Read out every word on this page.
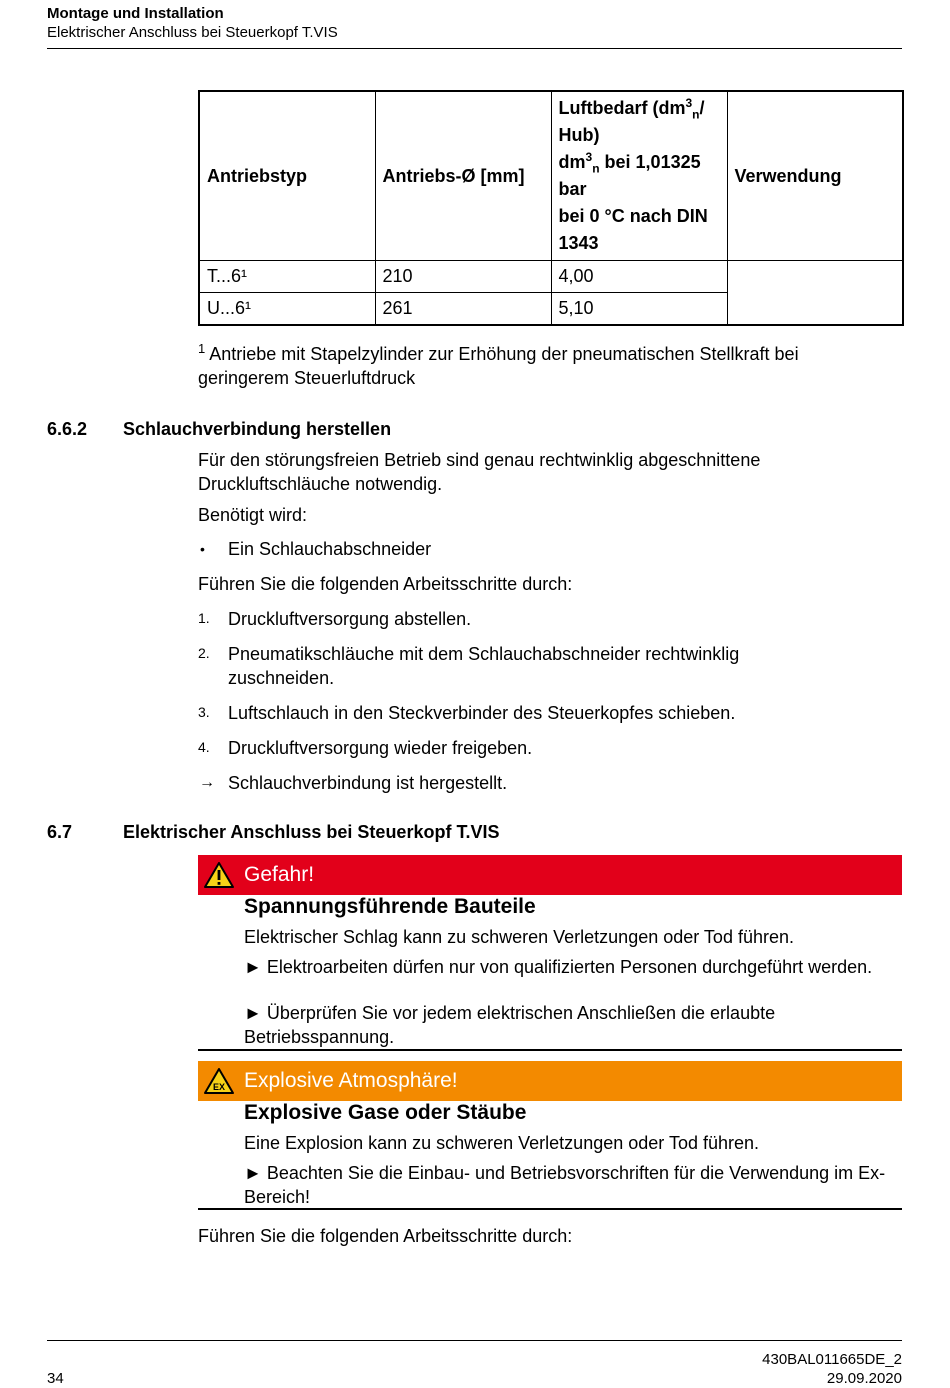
Montage und Installation
Elektrischer Anschluss bei Steuerkopf T.VIS
Antriebstyp	Antriebs-Ø [mm]	Luftbedarf ($dm^3_n/$ Hub)
$dm^3_n$ bei 1,01325 bar
bei 0 °C nach DIN 1343	Verwendung
T...6¹	210	4,00	
U...6¹	261	5,10	
$^1$ Antriebe mit Stapelzylinder zur Erhöhung der pneumatischen Stellkraft bei geringerem Steuerluftdruck
6.6.2 Schlauchverbindung herstellen
Für den störungsfreien Betrieb sind genau rechtwinklig abgeschnittene Druckluftschläuche notwendig.
Benötigt wird:
• Ein Schlauchabschneider
Führen Sie die folgenden Arbeitsschritte durch:
1. Druckluftversorgung abstellen.
2. Pneumatikschläuche mit dem Schlauchabschneider rechtwinklig zuschneiden.
3. Luftschlauch in den Steckverbinder des Steuerkopfes schieben.
4. Druckluftversorgung wieder freigeben.
→ Schlauchverbindung ist hergestellt.
6.7	Elektrischer Anschluss bei Steuerkopf T.VIS
Gefahr!
Spannungsführende Bauteile
Elektrischer Schlag kann zu schweren Verletzungen oder Tod führen.
► Elektroarbeiten dürfen nur von qualifizierten Personen durchgeführt werden.
► Überprüfen Sie vor jedem elektrischen Anschließen die erlaubte Betriebsspannung.
EX Explosive Atmosphäre!
Explosive Gase oder Stäube
Eine Explosion kann zu schweren Verletzungen oder Tod führen.
► Beachten Sie die Einbau- und Betriebsvorschriften für die Verwendung im Ex-Bereich!
Führen Sie die folgenden Arbeitsschritte durch:
34
430BAL011665DE_2
29.09.2020
